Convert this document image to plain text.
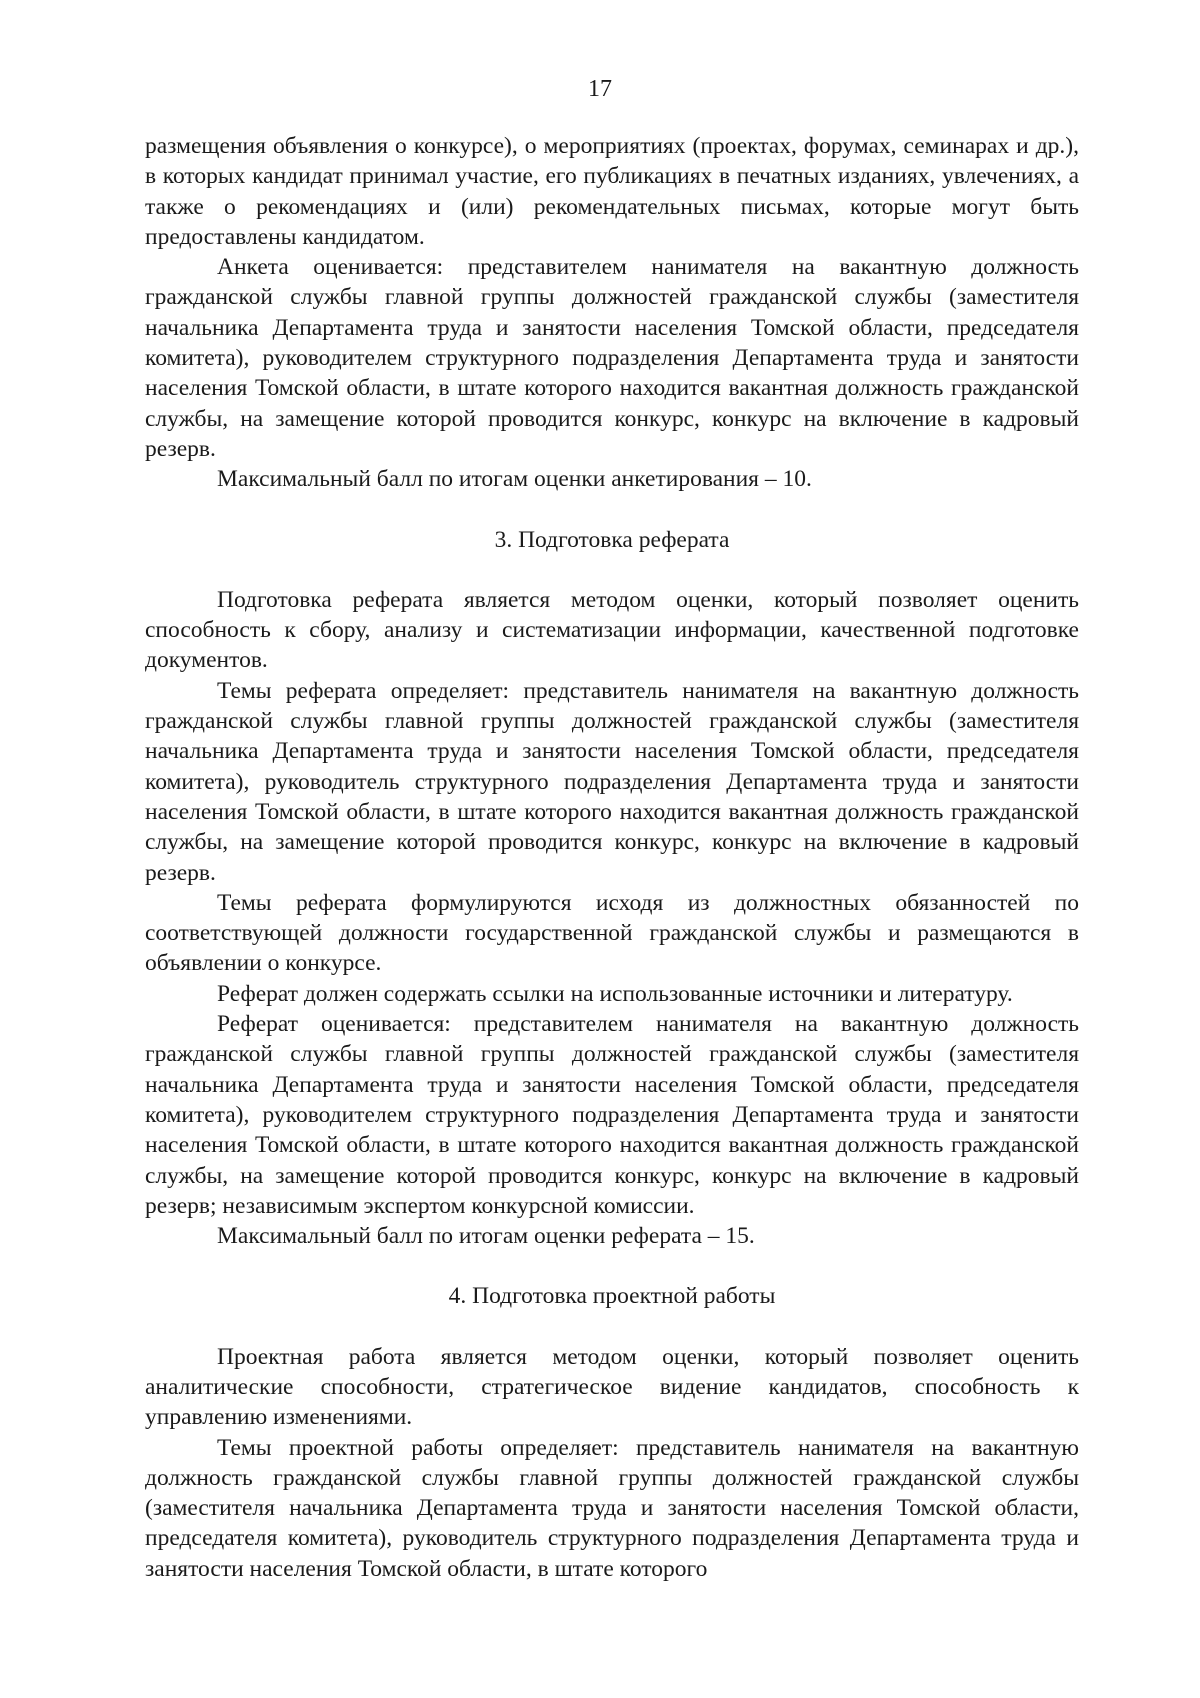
17

размещения объявления о конкурсе), о мероприятиях (проектах, форумах, семинарах и др.), в которых кандидат принимал участие, его публикациях в печатных изданиях, увлечениях, а также о рекомендациях и (или) рекомендательных письмах, которые могут быть предоставлены кандидатом.

Анкета оценивается: представителем нанимателя на вакантную должность гражданской службы главной группы должностей гражданской службы (заместителя начальника Департамента труда и занятости населения Томской области, председателя комитета), руководителем структурного подразделения Департамента труда и занятости населения Томской области, в штате которого находится вакантная должность гражданской службы, на замещение которой проводится конкурс, конкурс на включение в кадровый резерв.

Максимальный балл по итогам оценки анкетирования – 10.

3. Подготовка реферата

Подготовка реферата является методом оценки, который позволяет оценить способность к сбору, анализу и систематизации информации, качественной подготовке документов.

Темы реферата определяет: представитель нанимателя на вакантную должность гражданской службы главной группы должностей гражданской службы (заместителя начальника Департамента труда и занятости населения Томской области, председателя комитета), руководитель структурного подразделения Департамента труда и занятости населения Томской области, в штате которого находится вакантная должность гражданской службы, на замещение которой проводится конкурс, конкурс на включение в кадровый резерв.

Темы реферата формулируются исходя из должностных обязанностей по соответствующей должности государственной гражданской службы и размещаются в объявлении о конкурсе.

Реферат должен содержать ссылки на использованные источники и литературу.

Реферат оценивается: представителем нанимателя на вакантную должность гражданской службы главной группы должностей гражданской службы (заместителя начальника Департамента труда и занятости населения Томской области, председателя комитета), руководителем структурного подразделения Департамента труда и занятости населения Томской области, в штате которого находится вакантная должность гражданской службы, на замещение которой проводится конкурс, конкурс на включение в кадровый резерв; независимым экспертом конкурсной комиссии.

Максимальный балл по итогам оценки реферата – 15.

4. Подготовка проектной работы

Проектная работа является методом оценки, который позволяет оценить аналитические способности, стратегическое видение кандидатов, способность к управлению изменениями.

Темы проектной работы определяет: представитель нанимателя на вакантную должность гражданской службы главной группы должностей гражданской службы (заместителя начальника Департамента труда и занятости населения Томской области, председателя комитета), руководитель структурного подразделения Департамента труда и занятости населения Томской области, в штате которого
